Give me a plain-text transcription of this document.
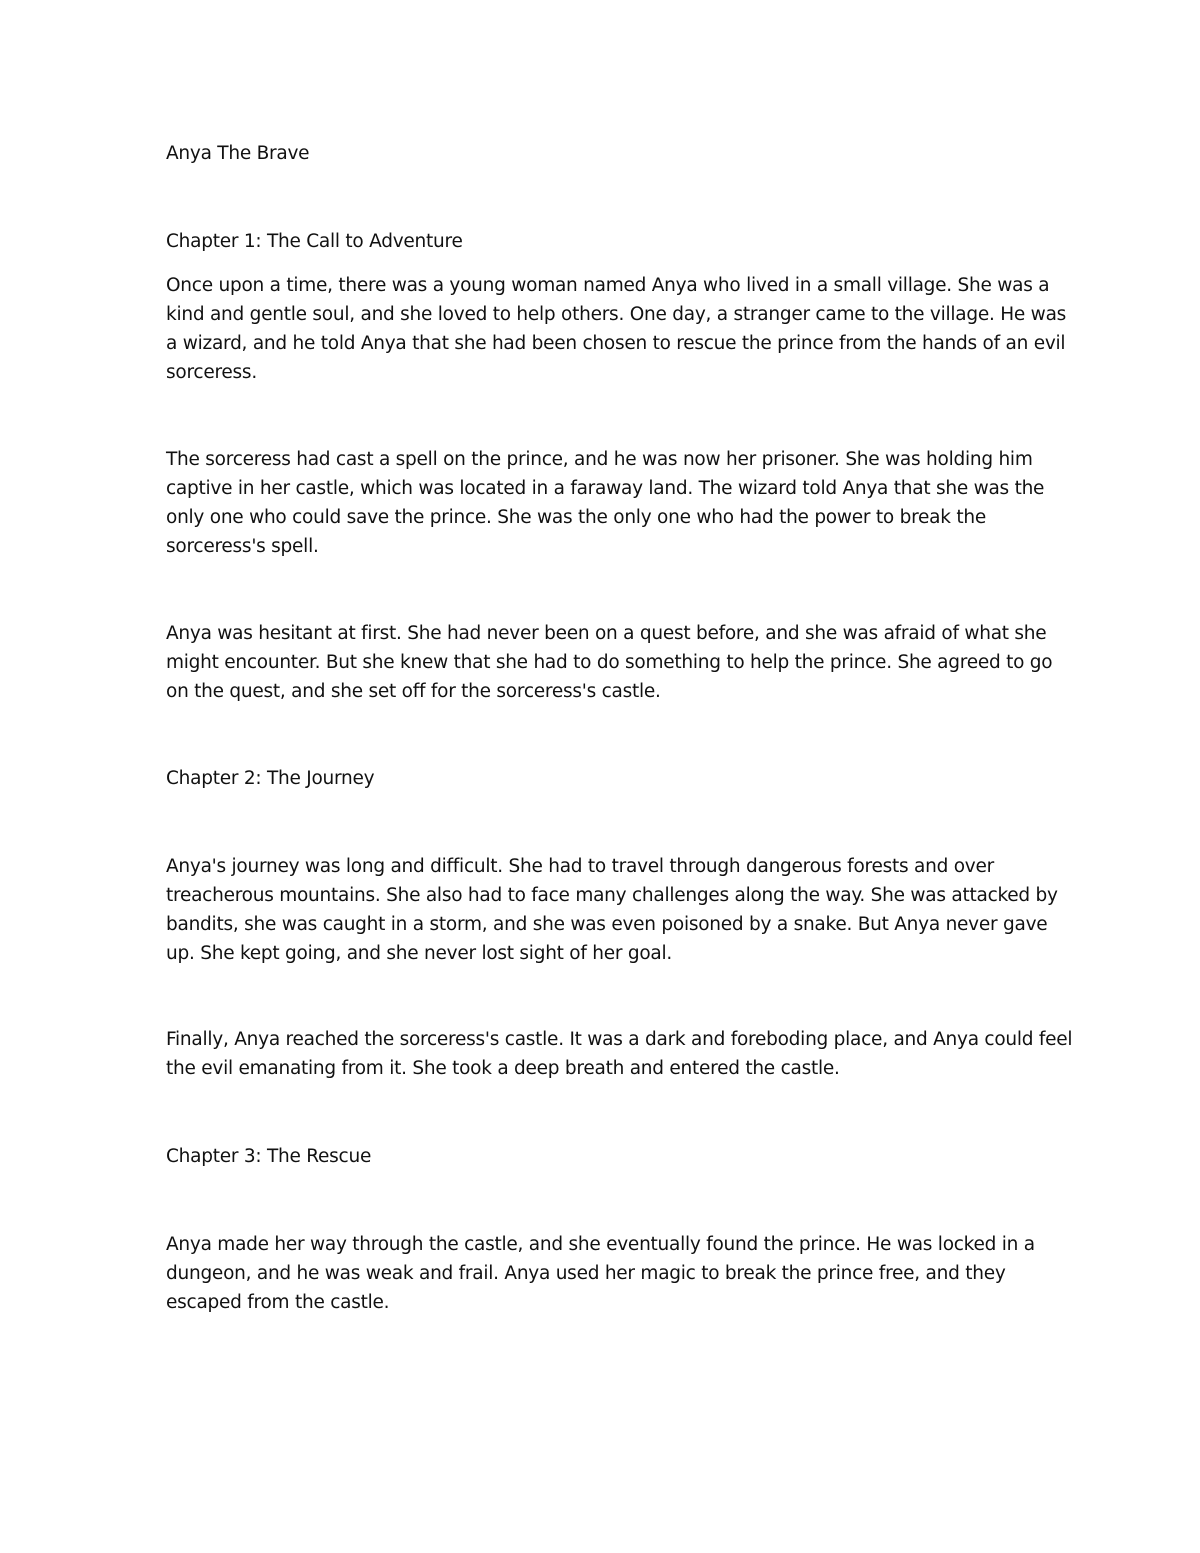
Anya The Brave
Chapter 1: The Call to Adventure
Once upon a time, there was a young woman named Anya who lived in a small village. She was a
kind and gentle soul, and she loved to help others. One day, a stranger came to the village. He was
a wizard, and he told Anya that she had been chosen to rescue the prince from the hands of an evil
sorceress.
The sorceress had cast a spell on the prince, and he was now her prisoner. She was holding him
captive in her castle, which was located in a faraway land. The wizard told Anya that she was the
only one who could save the prince. She was the only one who had the power to break the
sorceress's spell.
Anya was hesitant at first. She had never been on a quest before, and she was afraid of what she
might encounter. But she knew that she had to do something to help the prince. She agreed to go
on the quest, and she set off for the sorceress's castle.
Chapter 2: The Journey
Anya's journey was long and difficult. She had to travel through dangerous forests and over
treacherous mountains. She also had to face many challenges along the way. She was attacked by
bandits, she was caught in a storm, and she was even poisoned by a snake. But Anya never gave
up. She kept going, and she never lost sight of her goal.
Finally, Anya reached the sorceress's castle. It was a dark and foreboding place, and Anya could feel
the evil emanating from it. She took a deep breath and entered the castle.
Chapter 3: The Rescue
Anya made her way through the castle, and she eventually found the prince. He was locked in a
dungeon, and he was weak and frail. Anya used her magic to break the prince free, and they
escaped from the castle.
